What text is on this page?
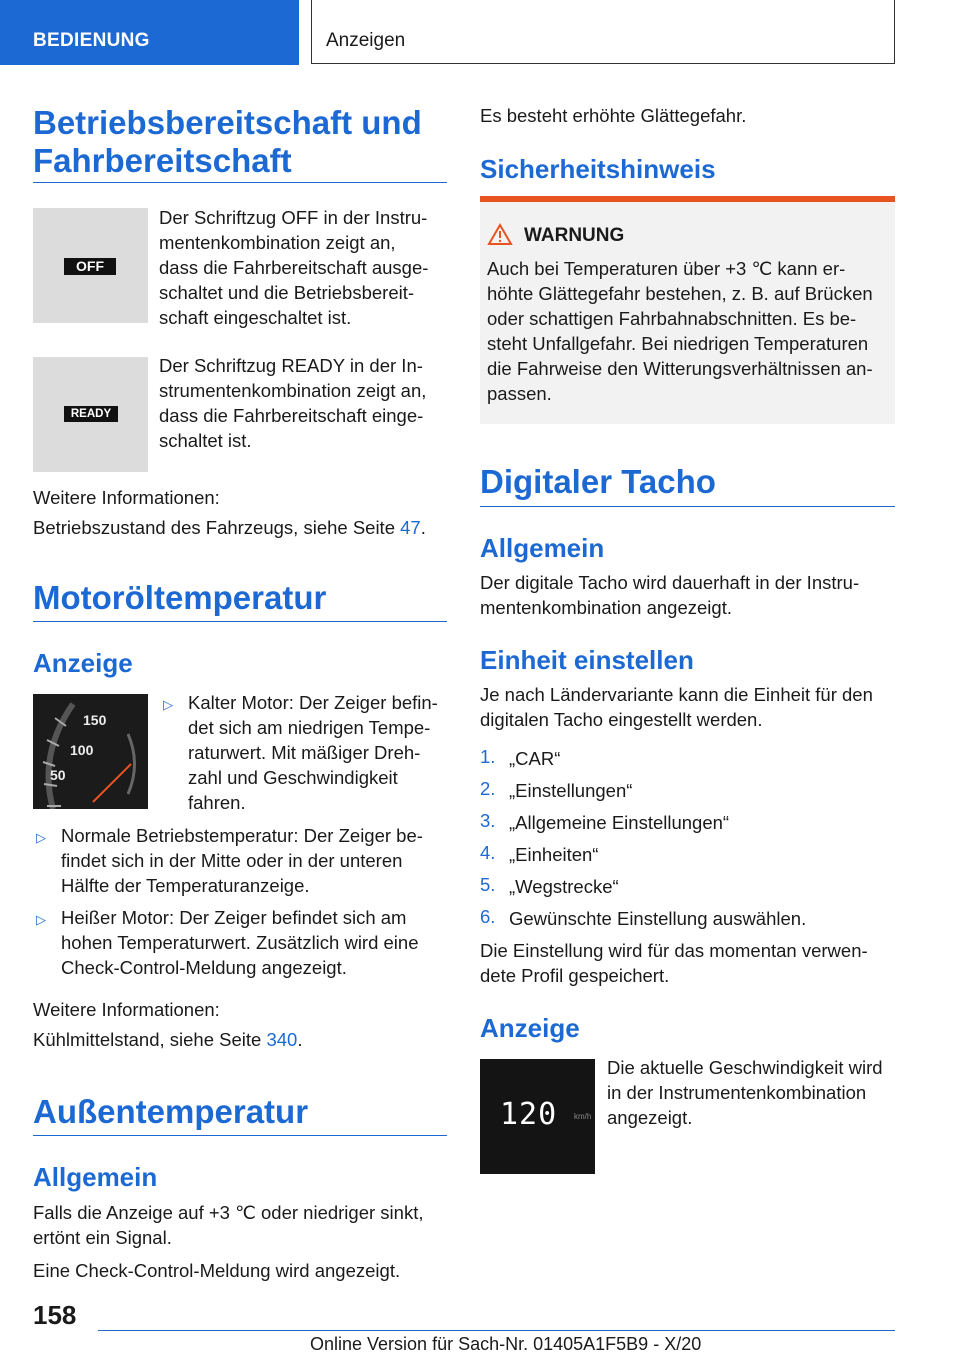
BEDIENUNG	Anzeigen
Betriebsbereitschaft und
Fahrbereitschaft
OFF
Der Schriftzug OFF in der Instru-
mentenkombination zeigt an,
dass die Fahrbereitschaft ausge-
schaltet und die Betriebsbereit-
schaft eingeschaltet ist.
READY
Der Schriftzug READY in der In-
strumentenkombination zeigt an,
dass die Fahrbereitschaft einge-
schaltet ist.
Weitere Informationen:
Betriebszustand des Fahrzeugs, siehe Seite 47.
Motoröltemperatur
Anzeige
150
100
50
▷ Kalter Motor: Der Zeiger befin-
det sich am niedrigen Tempe-
raturwert. Mit mäßiger Dreh-
zahl und Geschwindigkeit
fahren.
▷ Normale Betriebstemperatur: Der Zeiger be-
findet sich in der Mitte oder in der unteren
Hälfte der Temperaturanzeige.
▷ Heißer Motor: Der Zeiger befindet sich am
hohen Temperaturwert. Zusätzlich wird eine
Check-Control-Meldung angezeigt.
Weitere Informationen:
Kühlmittelstand, siehe Seite 340.
Außentemperatur
Allgemein
Falls die Anzeige auf +3 ℃ oder niedriger sinkt,
ertönt ein Signal.
Eine Check-Control-Meldung wird angezeigt.
Es besteht erhöhte Glättegefahr.
Sicherheitshinweis
WARNUNG
Auch bei Temperaturen über +3 ℃ kann er-
höhte Glättegefahr bestehen, z. B. auf Brücken
oder schattigen Fahrbahnabschnitten. Es be-
steht Unfallgefahr. Bei niedrigen Temperaturen
die Fahrweise den Witterungsverhältnissen an-
passen.
Digitaler Tacho
Allgemein
Der digitale Tacho wird dauerhaft in der Instru-
mentenkombination angezeigt.
Einheit einstellen
Je nach Ländervariante kann die Einheit für den
digitalen Tacho eingestellt werden.
1. „CAR“
2. „Einstellungen“
3. „Allgemeine Einstellungen“
4. „Einheiten“
5. „Wegstrecke“
6. Gewünschte Einstellung auswählen.
Die Einstellung wird für das momentan verwen-
dete Profil gespeichert.
Anzeige
120 km/h
Die aktuelle Geschwindigkeit wird
in der Instrumentenkombination
angezeigt.
158
Online Version für Sach-Nr. 01405A1F5B9 - X/20
